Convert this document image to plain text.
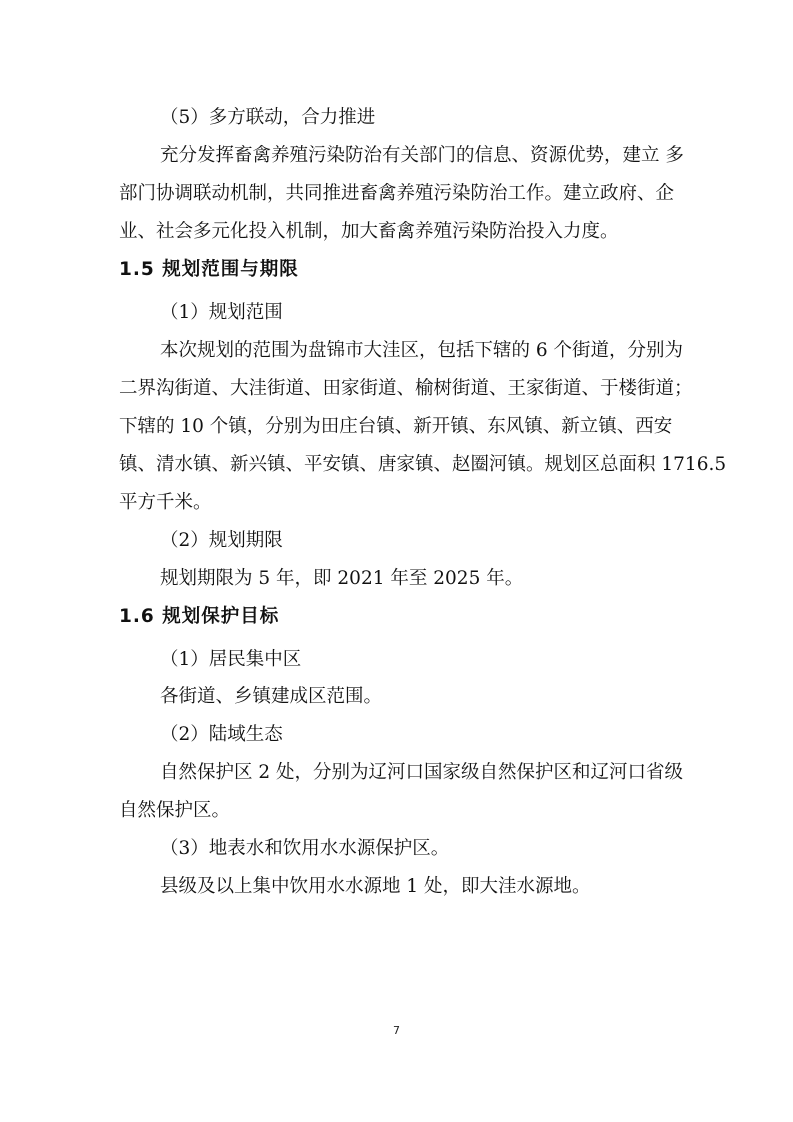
（5）多方联动，合力推进
充分发挥畜禽养殖污染防治有关部门的信息、资源优势，建立 多
部门协调联动机制，共同推进畜禽养殖污染防治工作。建立政府、企
业、社会多元化投入机制，加大畜禽养殖污染防治投入力度。
1.5 规划范围与期限
（1）规划范围
本次规划的范围为盘锦市大洼区，包括下辖的 6 个街道，分别为
二界沟街道、大洼街道、田家街道、榆树街道、王家街道、于楼街道；
下辖的 10 个镇，分别为田庄台镇、新开镇、东风镇、新立镇、西安
镇、清水镇、新兴镇、平安镇、唐家镇、赵圈河镇。规划区总面积 1716.5
平方千米。
（2）规划期限
规划期限为 5 年，即 2021 年至 2025 年。
1.6 规划保护目标
（1）居民集中区
各街道、乡镇建成区范围。
（2）陆域生态
自然保护区 2 处，分别为辽河口国家级自然保护区和辽河口省级
自然保护区。
（3）地表水和饮用水水源保护区。
县级及以上集中饮用水水源地 1 处，即大洼水源地。
7
